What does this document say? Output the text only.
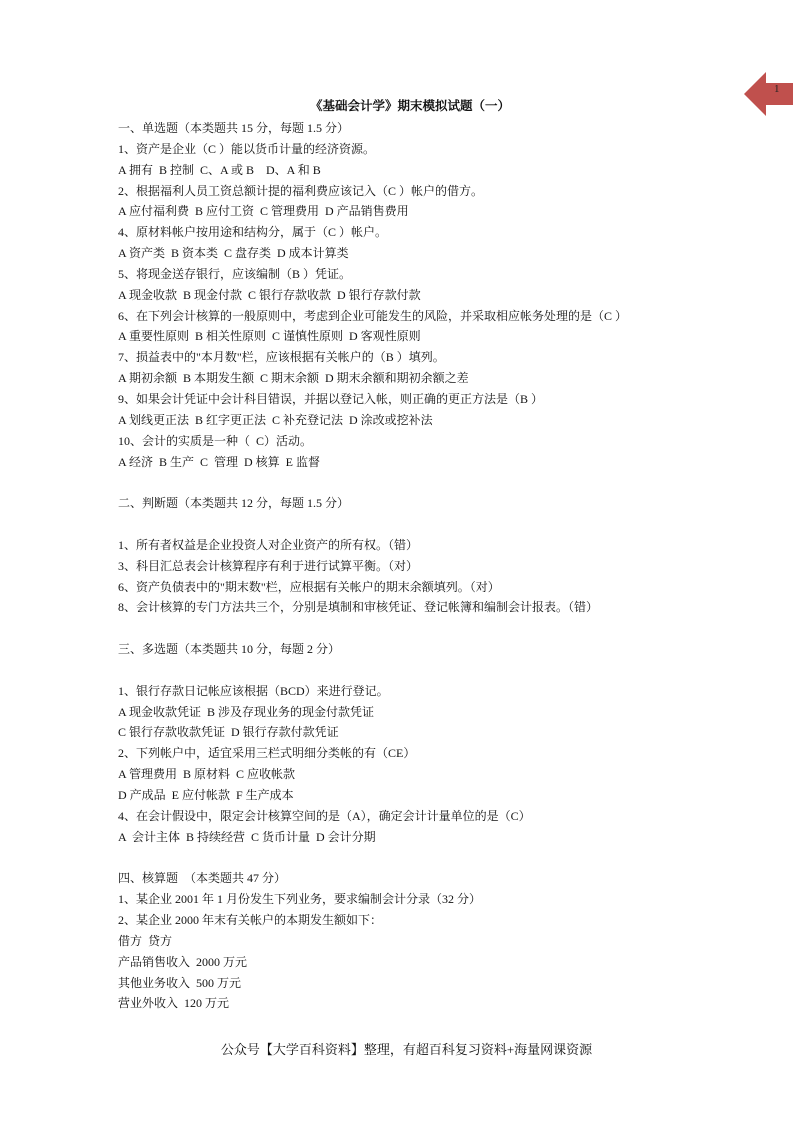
1
《基础会计学》期末模拟试题（一）
一、单选题（本类题共 15 分，每题 1.5 分）
1、资产是企业（C ）能以货币计量的经济资源。
A 拥有  B 控制  C、A 或 B    D、A 和 B
2、根据福利人员工资总额计提的福利费应该记入（C ）帐户的借方。
A 应付福利费  B 应付工资  C 管理费用  D 产品销售费用
4、原材料帐户按用途和结构分，属于（C ）帐户。
A 资产类  B 资本类  C 盘存类  D 成本计算类
5、将现金送存银行，应该编制（B ）凭证。
A 现金收款  B 现金付款  C 银行存款收款  D 银行存款付款
6、在下列会计核算的一般原则中，考虑到企业可能发生的风险，并采取相应帐务处理的是（C ）
A 重要性原则  B 相关性原则  C 谨慎性原则  D 客观性原则
7、损益表中的"本月数"栏，应该根据有关帐户的（B ）填列。
A 期初余额  B 本期发生额  C 期末余额  D 期末余额和期初余额之差
9、如果会计凭证中会计科目错误，并据以登记入帐，则正确的更正方法是（B ）
A 划线更正法  B 红字更正法  C 补充登记法  D 涂改或挖补法
10、会计的实质是一种（  C）活动。
A 经济  B 生产  C  管理  D 核算  E 监督
二、判断题（本类题共 12 分，每题 1.5 分）
1、所有者权益是企业投资人对企业资产的所有权。（错）
3、科目汇总表会计核算程序有利于进行试算平衡。（对）
6、资产负债表中的"期末数"栏，应根据有关帐户的期末余额填列。（对）
8、会计核算的专门方法共三个，分别是填制和审核凭证、登记帐簿和编制会计报表。（错）
三、多选题（本类题共 10 分，每题 2 分）
1、银行存款日记帐应该根据（BCD）来进行登记。
A 现金收款凭证  B 涉及存现业务的现金付款凭证
C 银行存款收款凭证  D 银行存款付款凭证
2、下列帐户中，适宜采用三栏式明细分类帐的有（CE）
A 管理费用  B 原材料  C 应收帐款
D 产成品  E 应付帐款  F 生产成本
4、在会计假设中，限定会计核算空间的是（A），确定会计计量单位的是（C）
A  会计主体  B 持续经营  C 货币计量  D 会计分期
四、核算题  （本类题共 47 分）
1、某企业 2001 年 1 月份发生下列业务，要求编制会计分录（32 分）
2、某企业 2000 年末有关帐户的本期发生额如下：
借方  贷方
产品销售收入  2000 万元
其他业务收入  500 万元
营业外收入  120 万元
公众号【大学百科资料】整理，有超百科复习资料+海量网课资源
